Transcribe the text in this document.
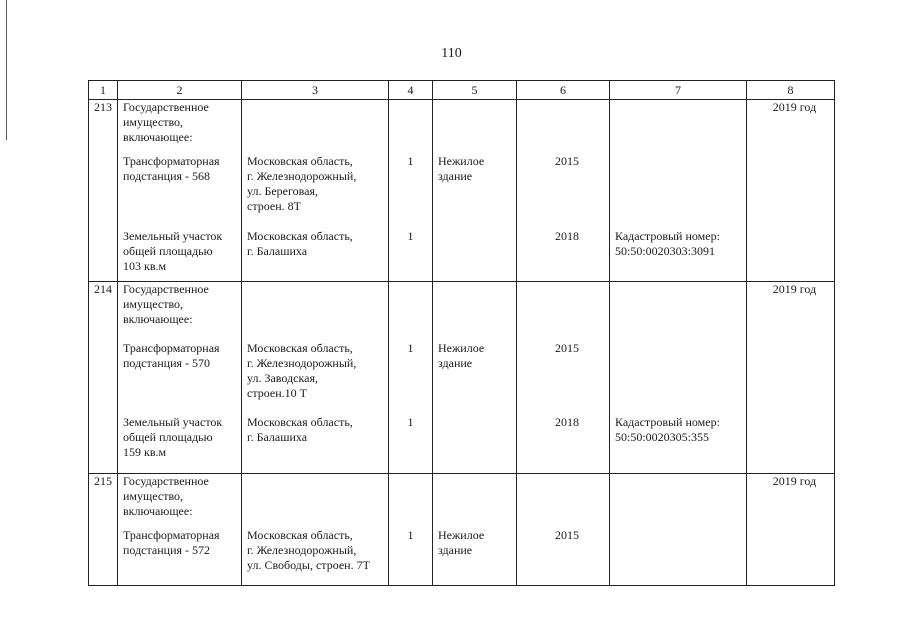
110
1	2	3	4	5	6	7	8
213	Государственное
имущество,
включающее:						2019 год

	Трансформаторная
подстанция - 568	Московская область,
г. Железнодорожный,
ул. Береговая,
строен. 8Т	1	Нежилое
здание	2015	

	Земельный участок
общей площадью
103 кв.м	Московская область,
г. Балашиха	1		2018	Кадастровый номер:
50:50:0020303:3091	

214	Государственное
имущество,
включающее:						2019 год

	Трансформаторная
подстанция - 570	Московская область,
г. Железнодорожный,
ул. Заводская,
строен.10 Т	1	Нежилое
здание	2015	

	Земельный участок
общей площадью
159 кв.м	Московская область,
г. Балашиха	1		2018	Кадастровый номер:
50:50:0020305:355	

215	Государственное
имущество,
включающее:						2019 год

	Трансформаторная
подстанция - 572	Московская область,
г. Железнодорожный,
ул. Свободы, строен. 7Т	1	Нежилое
здание	2015	
